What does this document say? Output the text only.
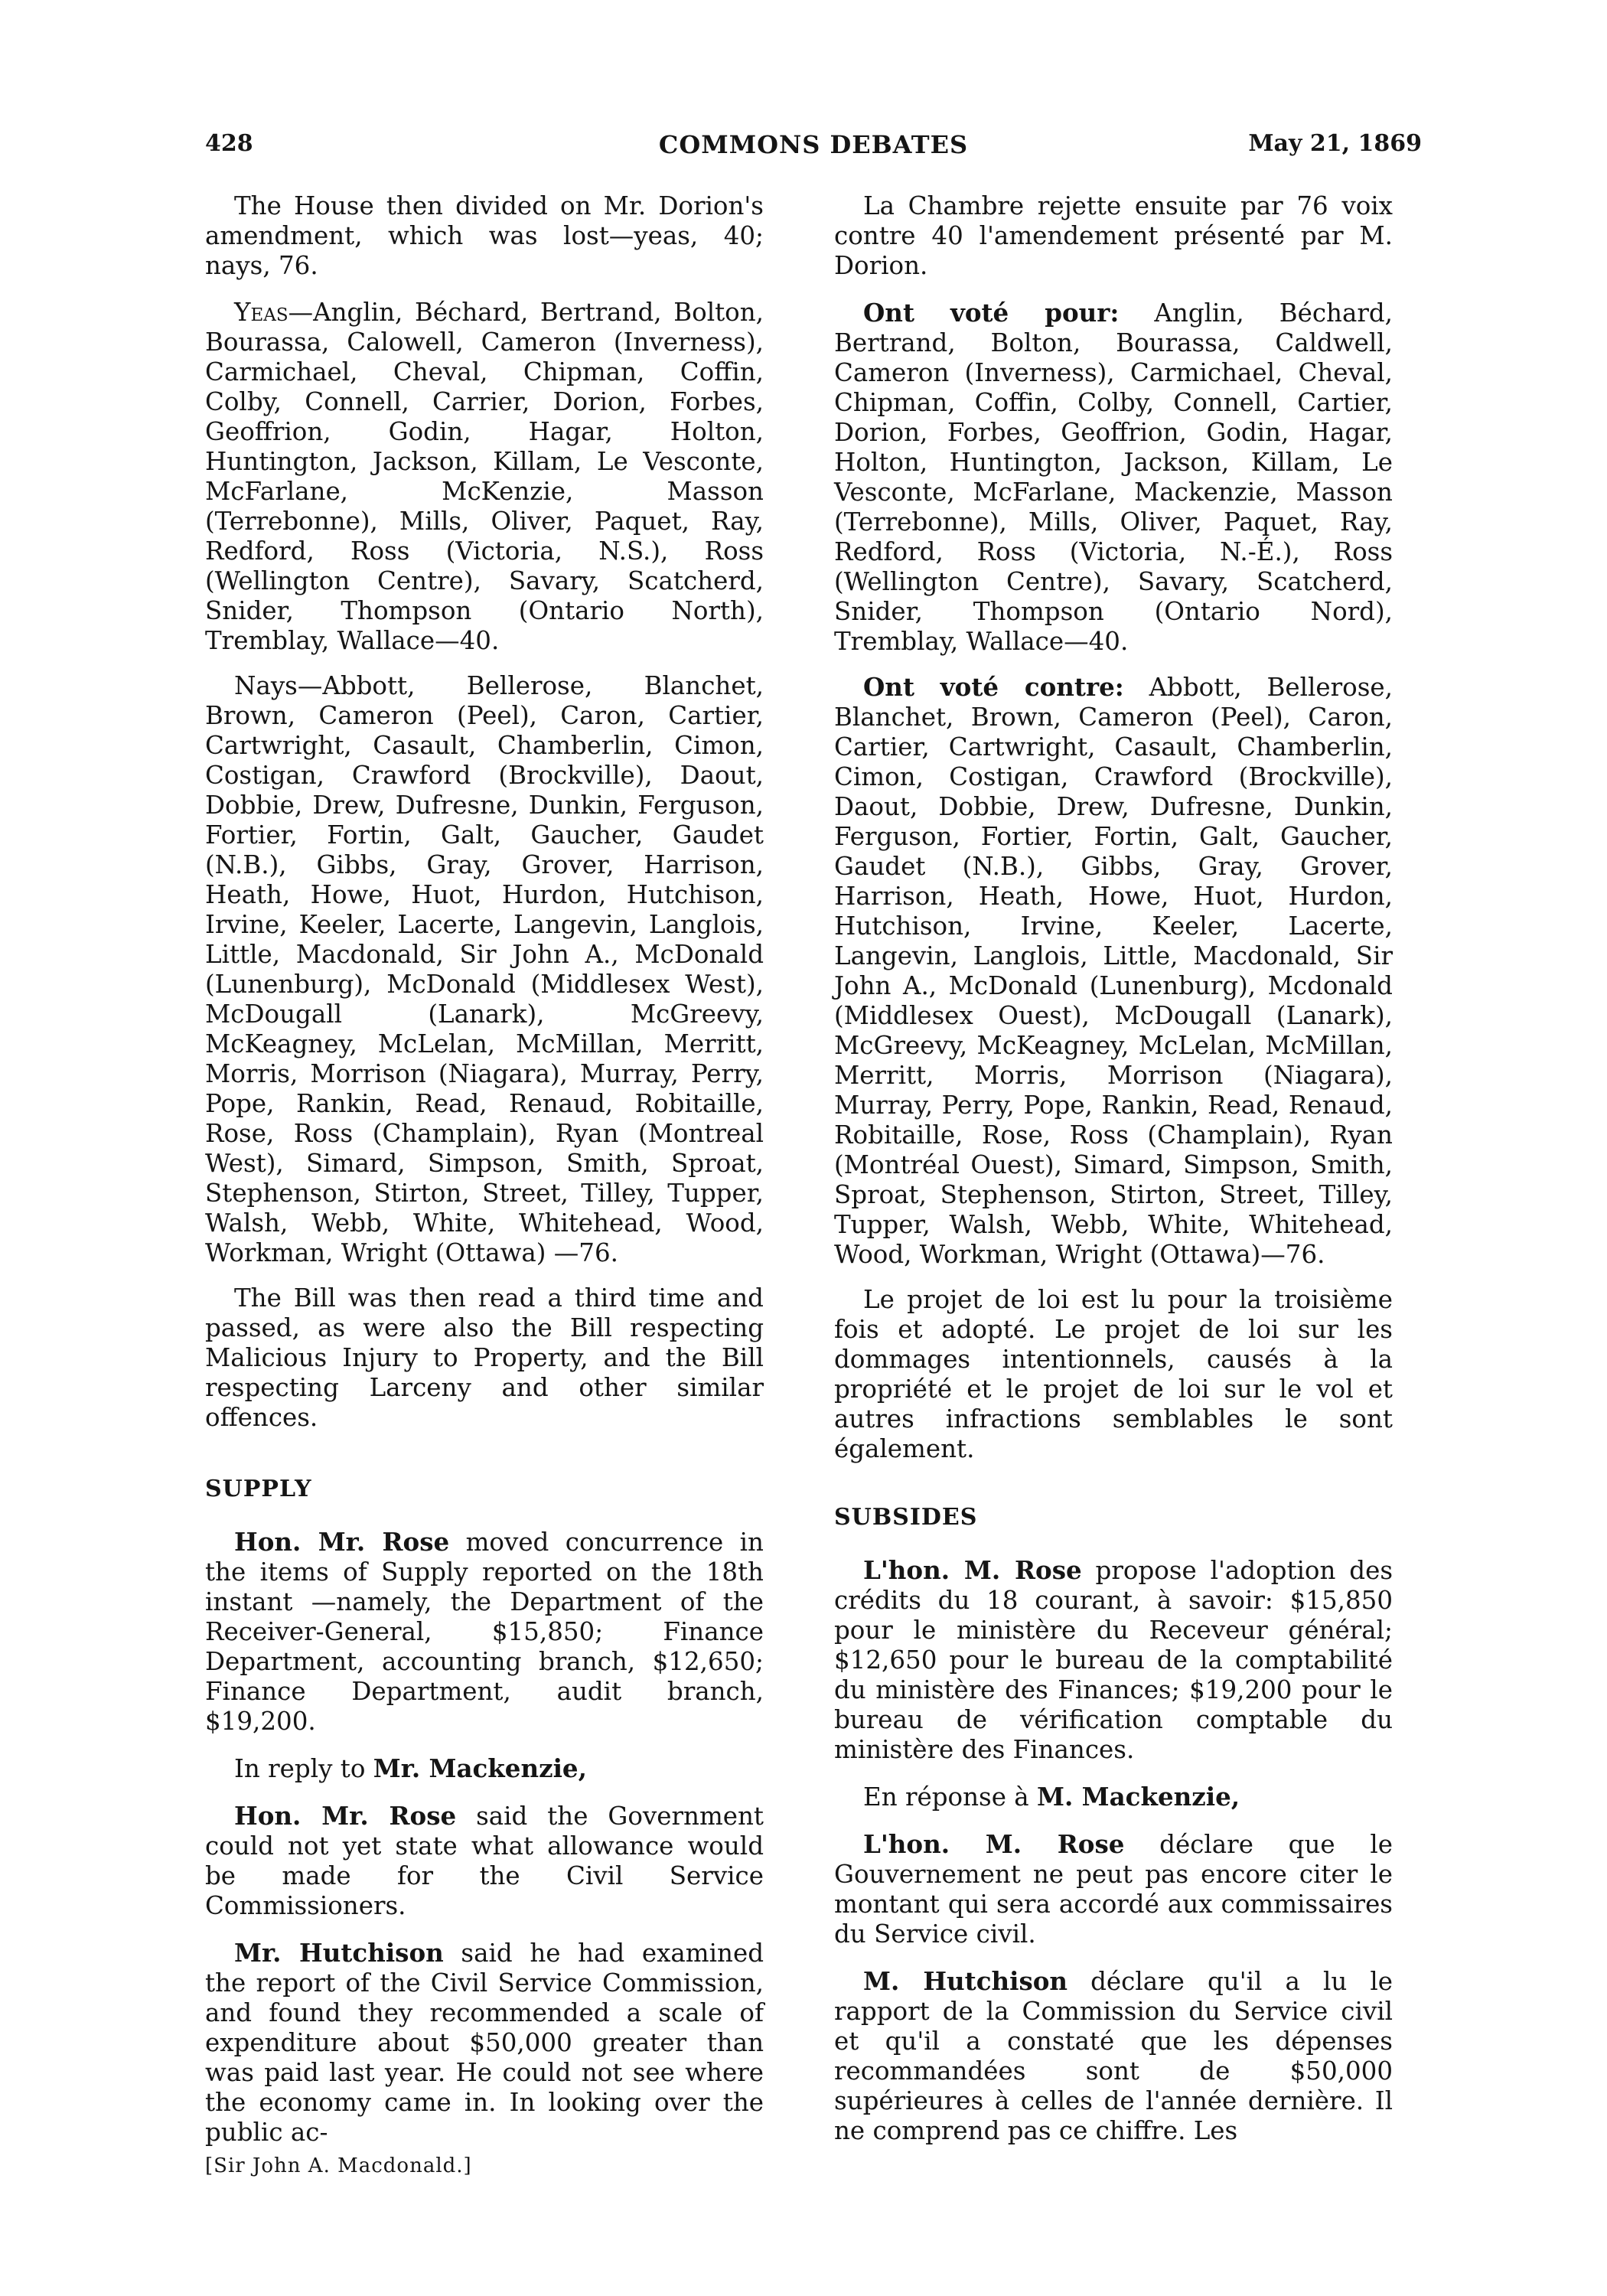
428	COMMONS DEBATES	May 21, 1869

The House then divided on Mr. Dorion's amendment, which was lost—yeas, 40; nays, 76.

Yeas—Anglin, Béchard, Bertrand, Bolton, Bourassa, Calowell, Cameron (Inverness), Carmichael, Cheval, Chipman, Coffin, Colby, Connell, Carrier, Dorion, Forbes, Geoffrion, Godin, Hagar, Holton, Huntington, Jackson, Killam, Le Vesconte, McFarlane, McKenzie, Masson (Terrebonne), Mills, Oliver, Paquet, Ray, Redford, Ross (Victoria, N.S.), Ross (Wellington Centre), Savary, Scatcherd, Snider, Thompson (Ontario North), Tremblay, Wallace—40.

Nays—Abbott, Bellerose, Blanchet, Brown, Cameron (Peel), Caron, Cartier, Cartwright, Casault, Chamberlin, Cimon, Costigan, Crawford (Brockville), Daout, Dobbie, Drew, Dufresne, Dunkin, Ferguson, Fortier, Fortin, Galt, Gaucher, Gaudet (N.B.), Gibbs, Gray, Grover, Harrison, Heath, Howe, Huot, Hurdon, Hutchison, Irvine, Keeler, Lacerte, Langevin, Langlois, Little, Macdonald, Sir John A., McDonald (Lunenburg), McDonald (Middlesex West), McDougall (Lanark), McGreevy, McKeagney, McLelan, McMillan, Merritt, Morris, Morrison (Niagara), Murray, Perry, Pope, Rankin, Read, Renaud, Robitaille, Rose, Ross (Champlain), Ryan (Montreal West), Simard, Simpson, Smith, Sproat, Stephenson, Stirton, Street, Tilley, Tupper, Walsh, Webb, White, Whitehead, Wood, Workman, Wright (Ottawa) —76.

The Bill was then read a third time and passed, as were also the Bill respecting Malicious Injury to Property, and the Bill respecting Larceny and other similar offences.

SUPPLY

Hon. Mr. Rose moved concurrence in the items of Supply reported on the 18th instant —namely, the Department of the Receiver-General, $15,850; Finance Department, accounting branch, $12,650; Finance Department, audit branch, $19,200.

In reply to Mr. Mackenzie,

Hon. Mr. Rose said the Government could not yet state what allowance would be made for the Civil Service Commissioners.

Mr. Hutchison said he had examined the report of the Civil Service Commission, and found they recommended a scale of expenditure about $50,000 greater than was paid last year. He could not see where the economy came in. In looking over the public ac-

[Sir John A. Macdonald.]

La Chambre rejette ensuite par 76 voix contre 40 l'amendement présenté par M. Dorion.

Ont voté pour: Anglin, Béchard, Bertrand, Bolton, Bourassa, Caldwell, Cameron (Inverness), Carmichael, Cheval, Chipman, Coffin, Colby, Connell, Cartier, Dorion, Forbes, Geoffrion, Godin, Hagar, Holton, Huntington, Jackson, Killam, Le Vesconte, McFarlane, Mackenzie, Masson (Terrebonne), Mills, Oliver, Paquet, Ray, Redford, Ross (Victoria, N.-É.), Ross (Wellington Centre), Savary, Scatcherd, Snider, Thompson (Ontario Nord), Tremblay, Wallace—40.

Ont voté contre: Abbott, Bellerose, Blanchet, Brown, Cameron (Peel), Caron, Cartier, Cartwright, Casault, Chamberlin, Cimon, Costigan, Crawford (Brockville), Daout, Dobbie, Drew, Dufresne, Dunkin, Ferguson, Fortier, Fortin, Galt, Gaucher, Gaudet (N.B.), Gibbs, Gray, Grover, Harrison, Heath, Howe, Huot, Hurdon, Hutchison, Irvine, Keeler, Lacerte, Langevin, Langlois, Little, Macdonald, Sir John A., McDonald (Lunenburg), Mcdonald (Middlesex Ouest), McDougall (Lanark), McGreevy, McKeagney, McLelan, McMillan, Merritt, Morris, Morrison (Niagara), Murray, Perry, Pope, Rankin, Read, Renaud, Robitaille, Rose, Ross (Champlain), Ryan (Montréal Ouest), Simard, Simpson, Smith, Sproat, Stephenson, Stirton, Street, Tilley, Tupper, Walsh, Webb, White, Whitehead, Wood, Workman, Wright (Ottawa)—76.

Le projet de loi est lu pour la troisième fois et adopté. Le projet de loi sur les dommages intentionnels, causés à la propriété et le projet de loi sur le vol et autres infractions semblables le sont également.

SUBSIDES

L'hon. M. Rose propose l'adoption des crédits du 18 courant, à savoir: $15,850 pour le ministère du Receveur général; $12,650 pour le bureau de la comptabilité du ministère des Finances; $19,200 pour le bureau de vérification comptable du ministère des Finances.

En réponse à M. Mackenzie,

L'hon. M. Rose déclare que le Gouvernement ne peut pas encore citer le montant qui sera accordé aux commissaires du Service civil.

M. Hutchison déclare qu'il a lu le rapport de la Commission du Service civil et qu'il a constaté que les dépenses recommandées sont de $50,000 supérieures à celles de l'année dernière. Il ne comprend pas ce chiffre. Les
